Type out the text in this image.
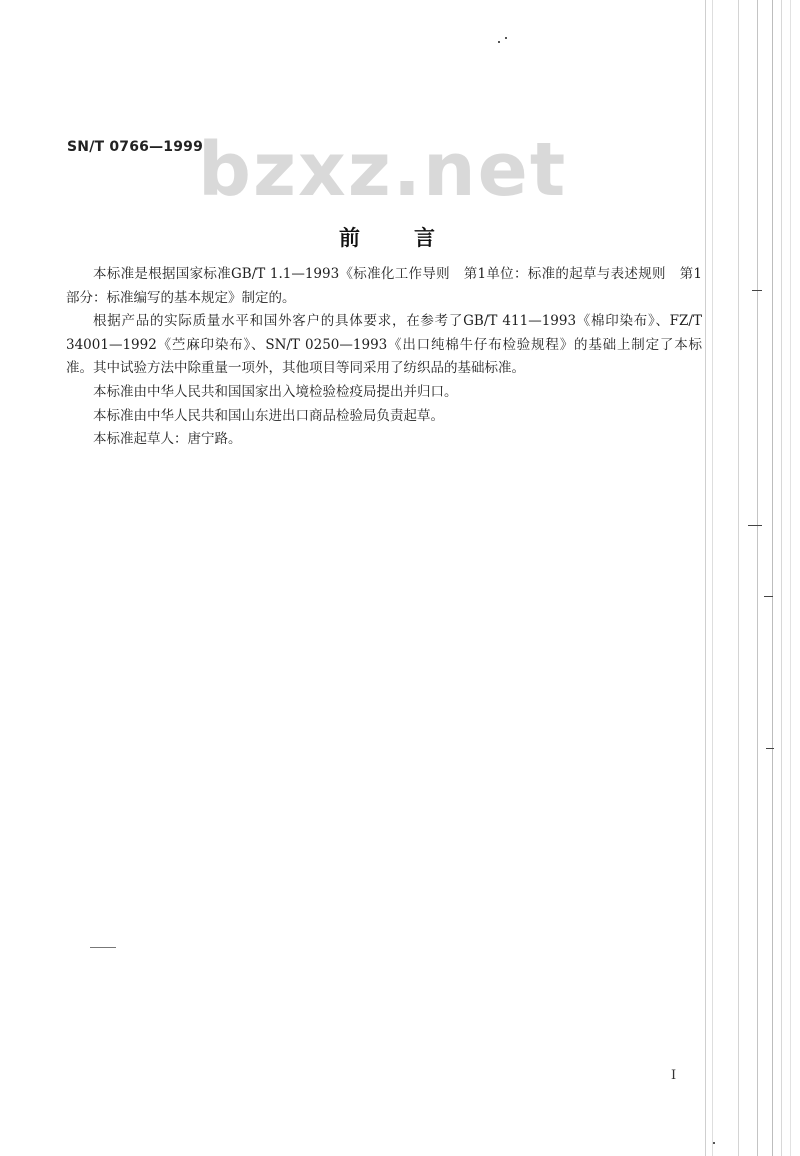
SN/T 0766—1999
bzxz.net
前言

本标准是根据国家标准GB/T 1.1—1993《标准化工作导则　第1单位：标准的起草与表述规则　第1部分：标准编写的基本规定》制定的。

根据产品的实际质量水平和国外客户的具体要求，在参考了GB/T 411—1993《棉印染布》、FZ/T 34001—1992《苎麻印染布》、SN/T 0250—1993《出口纯棉牛仔布检验规程》的基础上制定了本标准。其中试验方法中除重量一项外，其他项目等同采用了纺织品的基础标准。

本标准由中华人民共和国国家出入境检验检疫局提出并归口。

本标准由中华人民共和国山东进出口商品检验局负责起草。

本标准起草人：唐宁路。

I
